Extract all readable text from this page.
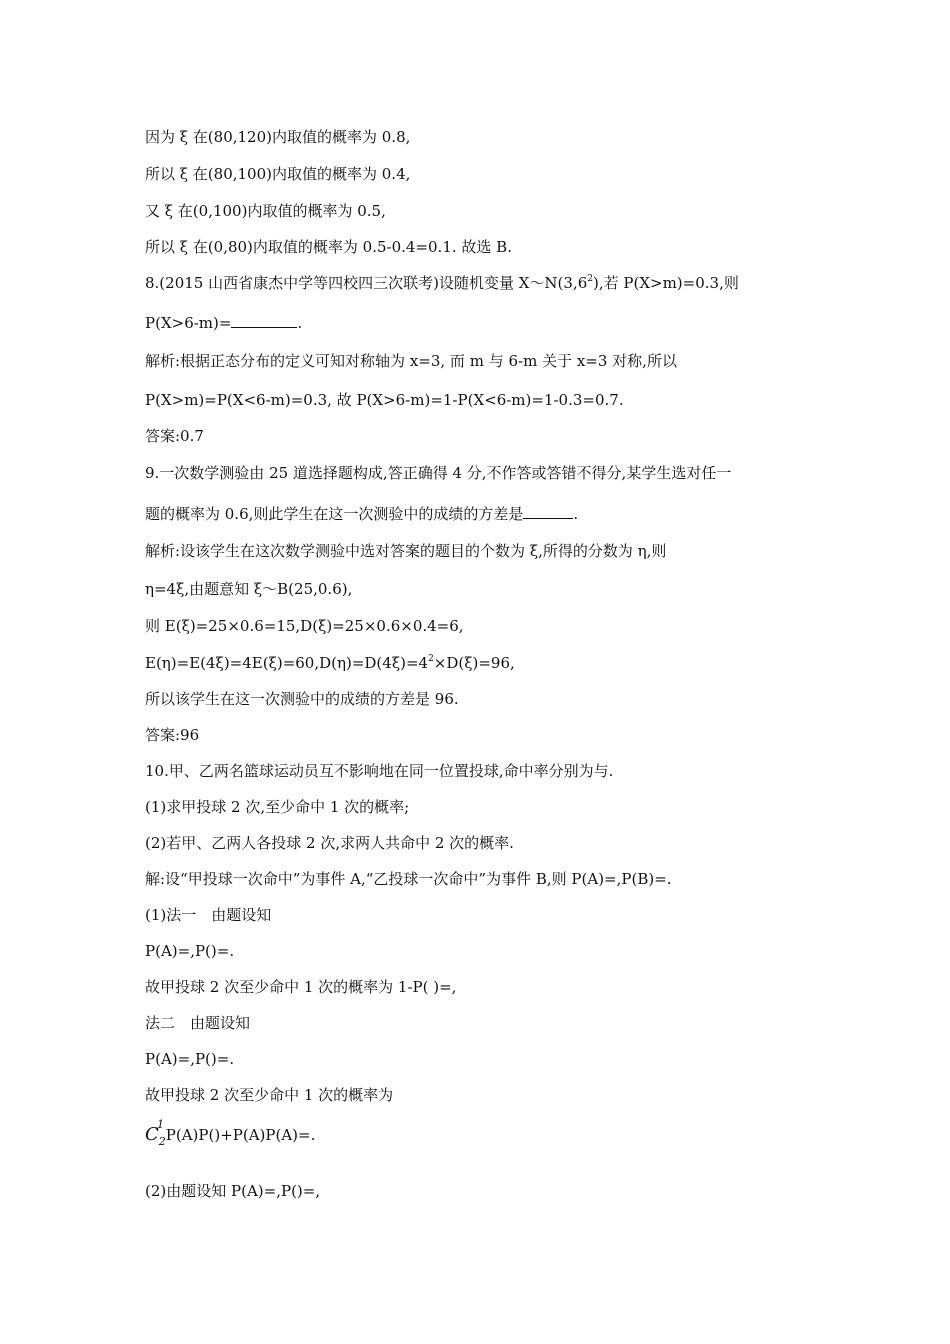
因为 ξ 在(80,120)内取值的概率为 0.8,
所以 ξ 在(80,100)内取值的概率为 0.4,
又 ξ 在(0,100)内取值的概率为 0.5,
所以 ξ 在(0,80)内取值的概率为 0.5-0.4=0.1. 故选 B.
8.(2015 山西省康杰中学等四校四三次联考)设随机变量 $X\sim N(3,6^2)$,若 P(X>m)=0.3,则
P(X>6-m)=	.
解析:根据正态分布的定义可知对称轴为 x=3, 而 m 与 6-m 关于 x=3 对称,所以
P(X>m)=P(X<6-m)=0.3, 故 P(X>6-m)=1-P(X<6-m)=1-0.3=0.7.
答案:0.7
9.一次数学测验由 25 道选择题构成,答正确得 4 分,不作答或答错不得分,某学生选对任一
题的概率为 0.6,则此学生在这一次测验中的成绩的方差是	.
解析:设该学生在这次数学测验中选对答案的题目的个数为 ξ,所得的分数为 η,则
η=4ξ,由题意知 ξ～B(25,0.6),
则 E(ξ)=25×0.6=15,D(ξ)=25×0.6×0.4=6,
$E(\eta)=E(4\xi)=4E(\xi)=60,D(\eta)=D(4\xi)=4^2\times D(\xi)=96$,
所以该学生在这一次测验中的成绩的方差是 96.
答案:96
10.甲、乙两名篮球运动员互不影响地在同一位置投球,命中率分别为与.
(1)求甲投球 2 次,至少命中 1 次的概率;
(2)若甲、乙两人各投球 2 次,求两人共命中 2 次的概率.
解:设“甲投球一次命中”为事件 A,“乙投球一次命中”为事件 B,则 P(A)=,P(B)=.
(1)法一　由题设知
P(A)=,P()=.
故甲投球 2 次至少命中 1 次的概率为 1-P( )=,
法二　由题设知
P(A)=,P()=.
故甲投球 2 次至少命中 1 次的概率为
$C_2$
1
P(A)P()+P(A)P(A)=.
(2)由题设知 P(A)=,P()=,
